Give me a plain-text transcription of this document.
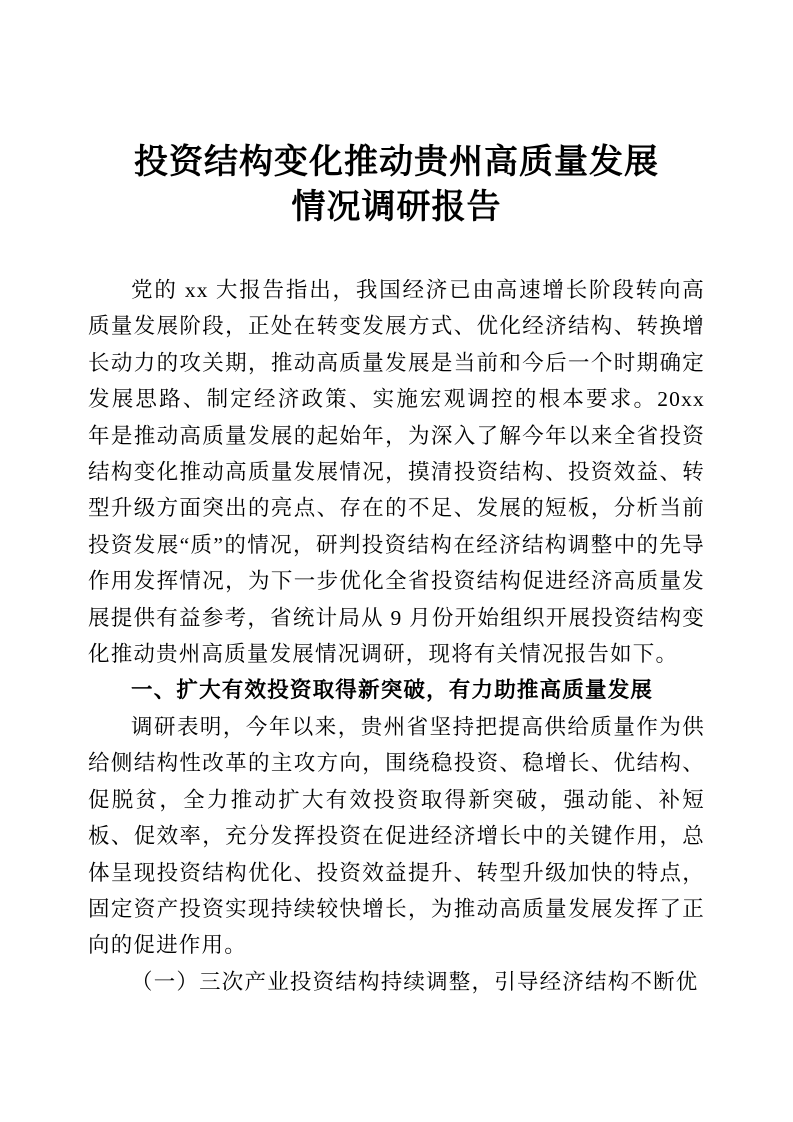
投资结构变化推动贵州高质量发展情况调研报告

党的 xx 大报告指出，我国经济已由高速增长阶段转向高质量发展阶段，正处在转变发展方式、优化经济结构、转换增长动力的攻关期，推动高质量发展是当前和今后一个时期确定发展思路、制定经济政策、实施宏观调控的根本要求。20xx 年是推动高质量发展的起始年，为深入了解今年以来全省投资结构变化推动高质量发展情况，摸清投资结构、投资效益、转型升级方面突出的亮点、存在的不足、发展的短板，分析当前投资发展“质”的情况，研判投资结构在经济结构调整中的先导作用发挥情况，为下一步优化全省投资结构促进经济高质量发展提供有益参考，省统计局从 9 月份开始组织开展投资结构变化推动贵州高质量发展情况调研，现将有关情况报告如下。

一、扩大有效投资取得新突破，有力助推高质量发展

调研表明，今年以来，贵州省坚持把提高供给质量作为供给侧结构性改革的主攻方向，围绕稳投资、稳增长、优结构、促脱贫，全力推动扩大有效投资取得新突破，强动能、补短板、促效率，充分发挥投资在促进经济增长中的关键作用，总体呈现投资结构优化、投资效益提升、转型升级加快的特点，固定资产投资实现持续较快增长，为推动高质量发展发挥了正向的促进作用。

（一）三次产业投资结构持续调整，引导经济结构不断优
